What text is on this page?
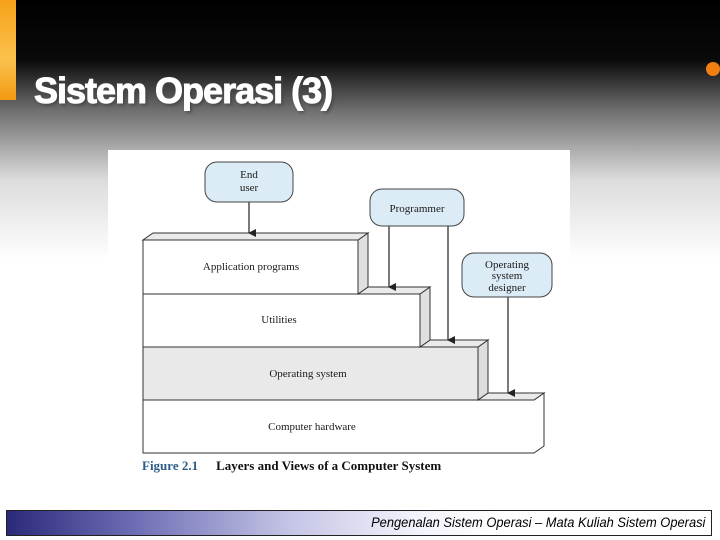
Sistem Operasi (3)
Computer hardware
Operating system
Utilities
Application programs
End
user
Programmer
Operating
system
designer
Figure 2.1 Layers and Views of a Computer System
Pengenalan Sistem Operasi – Mata Kuliah Sistem Operasi
